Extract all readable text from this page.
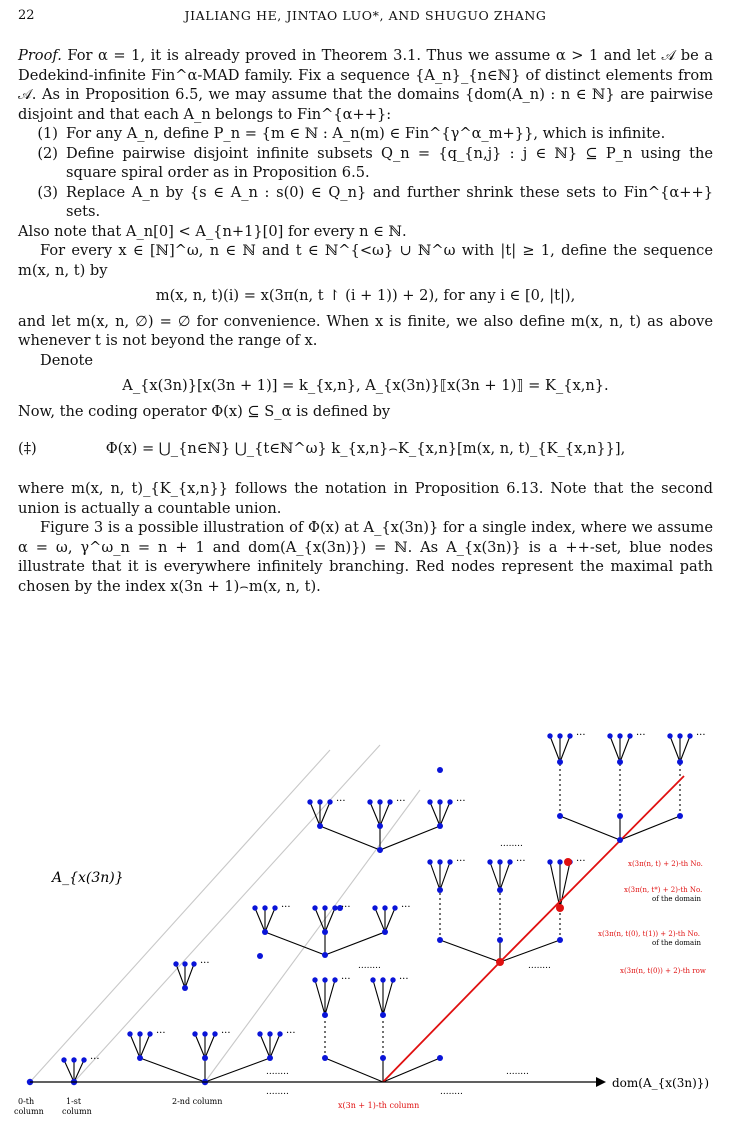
22	JIALIANG HE, JINTAO LUO*, AND SHUGUO ZHANG

Proof. For α = 1, it is already proved in Theorem 3.1. Thus we assume α > 1 and let 𝒜 be a Dedekind-infinite Fin^α-MAD family. Fix a sequence {A_n}_{n∈ℕ} of distinct elements from 𝒜. As in Proposition 6.5, we may assume that the domains {dom(A_n) : n ∈ ℕ} are pairwise disjoint and that each A_n belongs to Fin^{α++}:

(1) For any A_n, define P_n = {m ∈ ℕ : A_n(m) ∈ Fin^{γ^α_m+}}, which is infinite.
(2) Define pairwise disjoint infinite subsets Q_n = {q_{n,j} : j ∈ ℕ} ⊆ P_n using the square spiral order as in Proposition 6.5.
(3) Replace A_n by {s ∈ A_n : s(0) ∈ Q_n} and further shrink these sets to Fin^{α++} sets.

Also note that A_n[0] < A_{n+1}[0] for every n ∈ ℕ.

For every x ∈ [ℕ]^ω, n ∈ ℕ and t ∈ ℕ^{<ω} ∪ ℕ^ω with |t| ≥ 1, define the sequence m(x, n, t) by

m(x, n, t)(i) = x(3π(n, t ↾ (i + 1)) + 2), for any i ∈ [0, |t|),

and let m(x, n, ∅) = ∅ for convenience. When x is finite, we also define m(x, n, t) as above whenever t is not beyond the range of x.

Denote

A_{x(3n)}[x(3n + 1)] = k_{x,n}, A_{x(3n)}⟦x(3n + 1)⟧ = K_{x,n}.

Now, the coding operator Φ(x) ⊆ S_α is defined by

(‡)	Φ(x) = ⋃_{n∈ℕ} ⋃_{t∈ℕ^ω} k_{x,n}⌢K_{x,n}[m(x, n, t)_{K_{x,n}}],

where m(x, n, t)_{K_{x,n}} follows the notation in Proposition 6.13. Note that the second union is actually a countable union.

Figure 3 is a possible illustration of Φ(x) at A_{x(3n)} for a single index, where we assume α = ω, γ^ω_n = n + 1 and dom(A_{x(3n)}) = ℕ. As A_{x(3n)} is a ++-set, blue nodes illustrate that it is everywhere infinitely branching. Red nodes represent the maximal path chosen by the index x(3n + 1)⌢m(x, n, t).

A_{x(3n)}
dom(A_{x(3n)})
0-th
column
1-st
column
2-nd column	x(3n + 1)-th column
x(3π(n, t) + 2)-th No.
x(3π(n, t*) + 2)-th No.
of the domain
x(3π(n, t(0), t(1)) + 2)-th No.
of the domain
x(3π(n, t(0)) + 2)-th row
···
···	···	···
···
···	···	···
···	···	···
···	···
···	···	···
···	···	···
........	........
........
........
........	........
........
